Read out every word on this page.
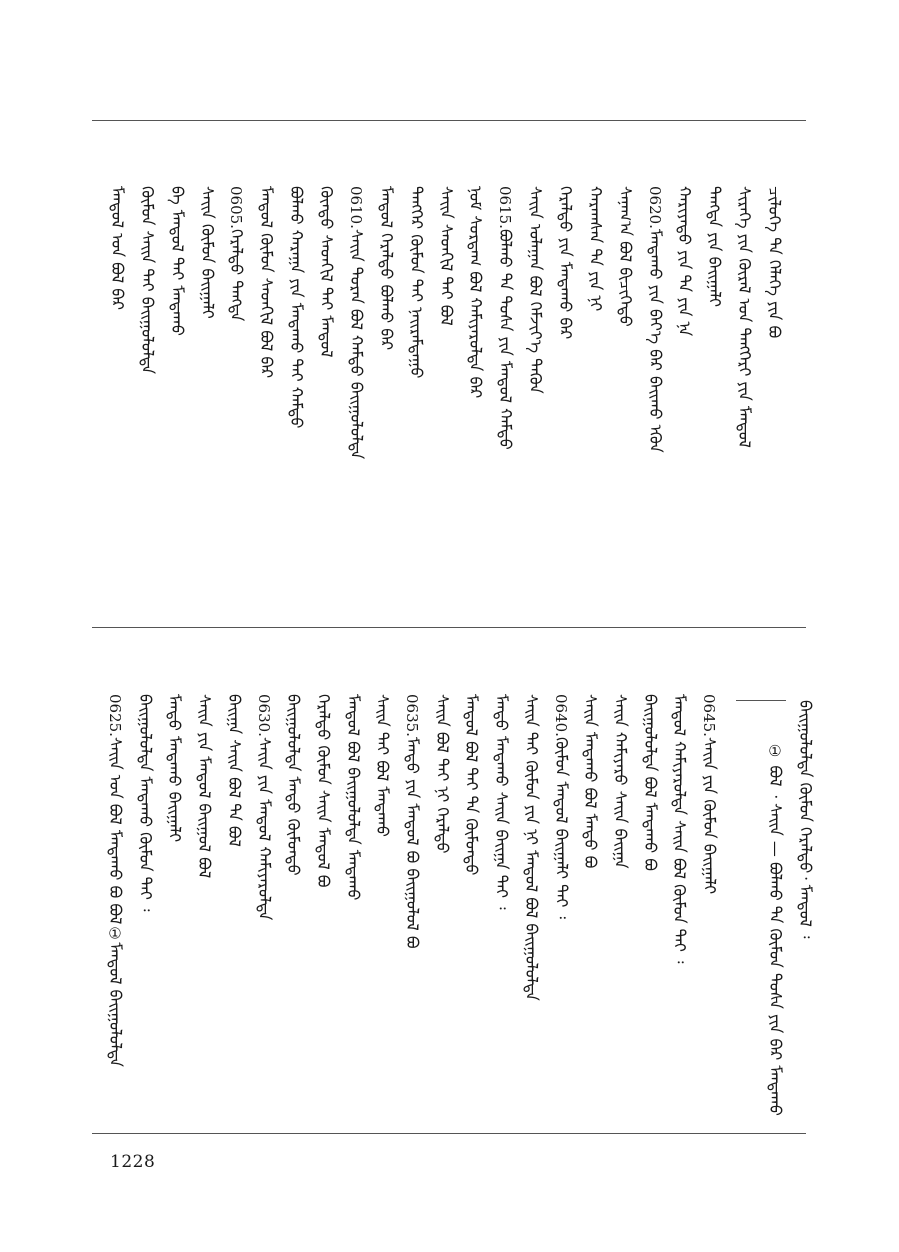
ᠴᠢᠯᠦᠭᠡ ᠲᠠ ᠭᠡᠯᠡᠭᠡ ᠶᠢᠨ ᠪᠣ
ᠰᠢᠷᠡᠭᠡ ᠶᠢᠨ ᠬᠦᠷᠡᠯ ᠤᠨ ᠲᠡᠩᠭᠡᠷᠢ ᠶᠢᠨ ᠮᠠᠨᠳᠤᠯ
ᠲᠠᠩᠳᠠ ᠶᠢᠨ ᠪᠠᠢᠭᠠᠯᠢ
ᠬᠠᠷᠢᠶᠠᠲᠤ ᠶᠢᠨ ᠲᠠ ᠶᠢᠨ ᠨᠡ
0620.ᠮᠠᠨᠳᠠᠬᠤ ᠶᠢᠨ ᠪᠡᠶ᠎ᠡ ᠪᠡᠷ ᠪᠠᠢᠬᠤ ᠡᠭᠦᠨ
ᠰᠠᠨᠠᠭ᠎ᠠ ᠪᠣᠯ ᠪᠢᠴᠢᠭᠡᠳᠦ
ᠬᠠᠷᠠᠭᠰᠠᠨ ᠲᠠ ᠶᠢᠨ ᠨᠢ
ᠭᠡᠷᠡᠯᠲᠦ ᠶᠢᠨ ᠮᠠᠨᠳᠠᠬᠤ ᠪᠡᠷ
ᠰᠠᠢᠨ ᠤᠯᠠᠭᠠᠨ ᠪᠣᠯ ᠬᠡᠮᠵᠢᠶ᠎ᠡ ᠲᠡᠭᠦᠨ
0615.ᠪᠣᠯᠬᠤ ᠲᠠ ᠲᠤᠰᠠ ᠶᠢᠨ ᠮᠠᠨᠳᠤᠯ ᠬᠠᠮᠲᠤ
ᠨᠤᠮ ᠰᠤᠷᠳᠠᠭ ᠪᠣᠯ ᠬᠠᠮᠢᠶᠠᠷᠤᠯᠲᠠ ᠪᠡᠷ
ᠰᠠᠢᠨ ᠰᠡᠳᠬᠢᠯ ᠲᠠᠢ ᠪᠣᠯ
ᠲᠡᠩᠭᠡᠷ ᠬᠦᠮᠦᠨ ᠲᠠᠢ ᠨᠠᠢᠷᠠᠮᠳᠠᠭᠤ
ᠮᠠᠨᠳᠤᠯ ᠭᠡᠷᠡᠯᠲᠦ ᠪᠣᠯᠬᠤ ᠪᠡᠷ
0610.ᠰᠠᠢᠨ ᠳᠤᠷᠠᠨ ᠪᠣᠯ ᠬᠠᠮᠲᠤ ᠪᠠᠢᠭᠤᠯᠤᠯᠲᠠ
ᠬᠦᠨᠳᠦ ᠰᠡᠳᠬᠢᠯ ᠲᠠᠢ ᠮᠠᠨᠳᠤᠯ
ᠪᠣᠯᠬᠤ ᠬᠠᠷᠠᠭᠠ ᠶᠢᠨ ᠮᠠᠨᠳᠠᠬᠤ ᠲᠠᠢ ᠬᠠᠮᠲᠤ
ᠮᠠᠨᠳᠤᠯ ᠬᠦᠮᠦᠨ ᠰᠡᠳᠬᠢᠯ ᠪᠣᠯ ᠪᠡᠷ
0605.ᠭᠡᠷᠡᠯᠲᠦ ᠲᠠᠩᠳᠠ
ᠰᠠᠢᠨ ᠬᠦᠮᠦᠨ ᠪᠠᠢᠭᠠᠯᠢ
ᠪᠠ ᠮᠠᠨᠳᠤᠯ ᠲᠠᠢ ᠮᠠᠨᠳᠠᠬᠤ
ᠬᠦᠮᠦᠨ ᠰᠠᠢᠨ ᠲᠠᠢ ᠪᠠᠢᠭᠤᠯᠤᠯᠲᠠ
ᠮᠠᠨᠳᠤᠯ ᠤᠨ ᠪᠣᠯ ᠪᠡᠷ
0645.ᠰᠠᠢᠨ ᠶᠢᠨ ᠬᠦᠮᠦᠨ ᠪᠠᠢᠭᠠᠯᠢ
ᠮᠠᠨᠳᠤᠯ ᠬᠠᠮᠢᠶᠠᠷᠤᠯᠲᠠ ᠰᠠᠢᠨ ᠪᠣᠯ ᠬᠦᠮᠦᠨ ᠲᠠᠢ ᠄
ᠪᠠᠢᠭᠤᠯᠤᠯᠲᠠ ᠪᠣᠯ ᠮᠠᠨᠳᠠᠬᠤ ᠪᠣ
ᠰᠠᠢᠨ ᠬᠠᠮᠢᠶᠠᠷᠤ ᠰᠠᠢᠨ ᠪᠠᠢᠭᠠ
ᠰᠠᠢᠨ ᠮᠠᠨᠳᠠᠬᠤ ᠪᠣᠯ ᠮᠠᠨᠳᠤ ᠪᠣ
0640.ᠬᠦᠮᠦᠨ ᠮᠠᠨᠳᠤᠯ ᠪᠠᠢᠭᠠᠯᠢ ᠲᠠᠢ ᠄
ᠰᠠᠢᠨ ᠲᠠᠢ ᠬᠦᠮᠦᠨ ᠶᠢᠨ ᠨᠢ ᠮᠠᠨᠳᠤᠯ ᠪᠣᠯ ᠪᠠᠢᠭᠤᠯᠤᠯᠲᠠ
ᠮᠠᠨᠳᠤ ᠮᠠᠨᠳᠠᠬᠤ ᠰᠠᠢᠨ ᠪᠠᠢᠭᠠ ᠲᠠᠢ ᠄
ᠮᠠᠨᠳᠤᠯ ᠪᠣᠯ ᠲᠠᠢ ᠲᠠ ᠬᠦᠮᠦᠨᠳᠦ
ᠰᠠᠢᠨ ᠪᠣᠯ ᠲᠠᠢ ᠨᠢ ᠭᠡᠷᠡᠯᠲᠦ
0635.ᠮᠠᠨᠳᠤ ᠶᠢᠨ ᠮᠠᠨᠳᠤᠯ ᠪᠣ ᠪᠠᠢᠭᠤᠯᠤᠯ ᠪᠣ
ᠰᠠᠢᠨ ᠲᠠᠢ ᠪᠣᠯ ᠮᠠᠨᠳᠠᠬᠤ
ᠮᠠᠨᠳᠤᠯ ᠪᠣᠯ ᠪᠠᠢᠭᠤᠯᠤᠯᠲᠠ ᠮᠠᠨᠳᠠᠬᠤ
ᠭᠡᠷᠡᠯᠲᠦ ᠬᠦᠮᠦᠨ ᠰᠠᠢᠨ ᠮᠠᠨᠳᠤᠯ ᠪᠣ
ᠪᠠᠢᠭᠤᠯᠤᠯᠲᠠ ᠮᠠᠨᠳᠤ ᠬᠦᠮᠦᠨᠳᠦ
0630.ᠰᠠᠢᠨ ᠶᠢᠨ ᠮᠠᠨᠳᠤᠯ ᠬᠠᠮᠢᠶᠠᠷᠤᠯᠲᠠ
ᠪᠠᠢᠭᠠ ᠰᠠᠢᠨ ᠪᠣᠯ ᠲᠠ ᠪᠣᠯ
ᠰᠠᠢᠨ ᠶᠢᠨ ᠮᠠᠨᠳᠤᠯ ᠪᠠᠢᠭᠤᠯ ᠪᠣᠯ
ᠮᠠᠨᠳᠤ ᠮᠠᠨᠳᠠᠬᠤ ᠪᠠᠢᠭᠠᠯᠢ
ᠪᠠᠢᠭᠤᠯᠤᠯᠲᠠ ᠮᠠᠨᠳᠠᠬᠤ ᠬᠦᠮᠦᠨ ᠲᠠᠢ ᠄
0625.ᠰᠠᠢᠨ ᠤᠨ ᠪᠣᠯ ᠮᠠᠨᠳᠠᠬᠤ ᠪᠣ ᠪᠣᠯ①ᠮᠠᠨᠳᠤᠯ ᠪᠠᠢᠭᠤᠯᠤᠯᠲᠠ
ᠪᠠᠢᠭᠤᠯᠤᠯᠲᠠ ᠬᠦᠮᠦᠨ ᠭᠡᠷᠡᠯᠲᠦ᠂ ᠮᠠᠨᠳᠤᠯ ᠄
① ᠪᠣᠯ ᠂ ᠰᠠᠢᠨ — ᠪᠣᠯᠬᠤ ᠲᠠ ᠬᠦᠮᠦᠨ ᠲᠤᠰᠠ ᠶᠢᠨ ᠪᠡᠷ ᠮᠠᠨᠳᠠᠬᠤ
1228
